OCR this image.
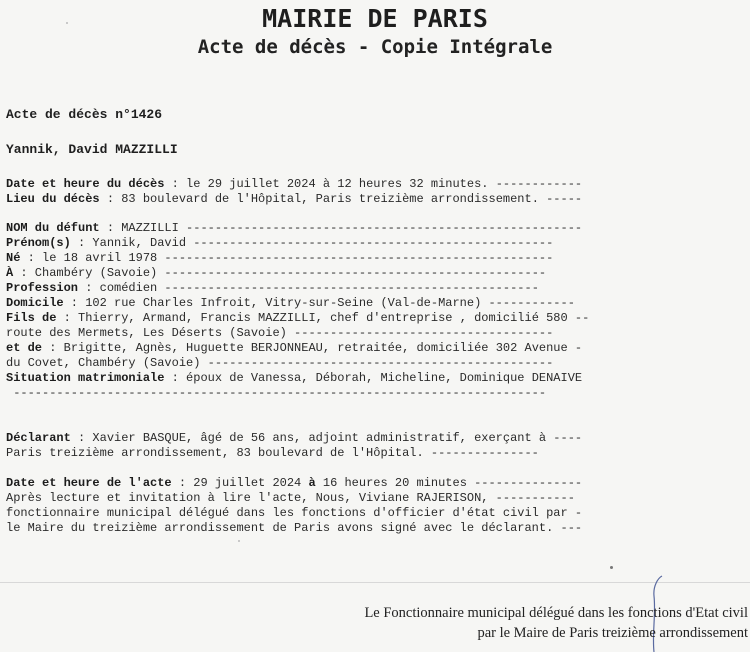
MAIRIE DE PARIS
Acte de décès - Copie Intégrale
Acte de décès n°1426
Yannik, David MAZZILLI
Date et heure du décès : le 29 juillet 2024 à 12 heures 32 minutes. ------------
Lieu du décès : 83 boulevard de l'Hôpital, Paris treizième arrondissement. -----
NOM du défunt : MAZZILLI -------------------------------------------------------
Prénom(s) : Yannik, David --------------------------------------------------
Né : le 18 avril 1978 ------------------------------------------------------
À : Chambéry (Savoie) -----------------------------------------------------
Profession : comédien ----------------------------------------------------
Domicile : 102 rue Charles Infroit, Vitry-sur-Seine (Val-de-Marne) ------------
Fils de : Thierry, Armand, Francis MAZZILLI, chef d'entreprise , domicilié 580 --
route des Mermets, Les Déserts (Savoie) ------------------------------------
et de : Brigitte, Agnès, Huguette BERJONNEAU, retraitée, domiciliée 302 Avenue -
du Covet, Chambéry (Savoie) ------------------------------------------------
Situation matrimoniale : époux de Vanessa, Déborah, Micheline, Dominique DENAIVE
--------------------------------------------------------------------------
Déclarant : Xavier BASQUE, âgé de 56 ans, adjoint administratif, exerçant à ----
Paris treizième arrondissement, 83 boulevard de l'Hôpital. ---------------
Date et heure de l'acte : 29 juillet 2024 à 16 heures 20 minutes ---------------
Après lecture et invitation à lire l'acte, Nous, Viviane RAJERISON, -----------
fonctionnaire municipal délégué dans les fonctions d'officier d'état civil par -
le Maire du treizième arrondissement de Paris avons signé avec le déclarant. ---
Le Fonctionnaire municipal délégué dans les fonctions d'Etat civil
par le Maire de Paris treizième arrondissement
